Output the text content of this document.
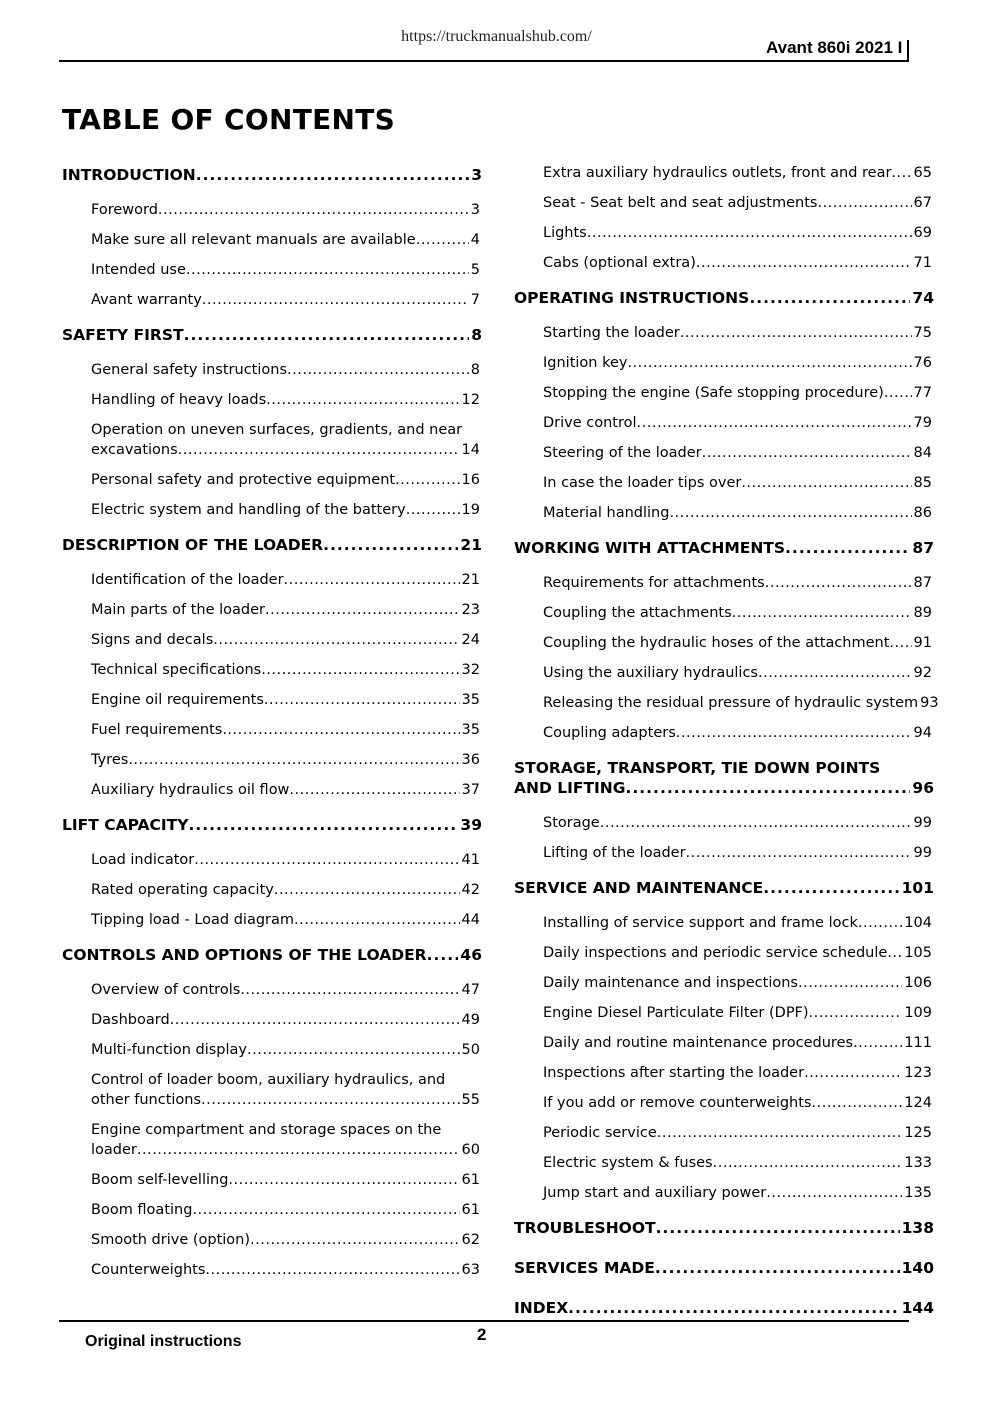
https://truckmanualshub.com/
Avant 860i 2021 I
TABLE OF CONTENTS
INTRODUCTION .....	3
Foreword .....	3
Make sure all relevant manuals are available .....	4
Intended use .....	5
Avant warranty .....	7
SAFETY FIRST .....	8
General safety instructions .....	8
Handling of heavy loads .....	12
Operation on uneven surfaces, gradients, and near
excavations .....	14
Personal safety and protective equipment .....	16
Electric system and handling of the battery .....	19
DESCRIPTION OF THE LOADER .....	21
Identification of the loader .....	21
Main parts of the loader .....	23
Signs and decals .....	24
Technical specifications .....	32
Engine oil requirements .....	35
Fuel requirements .....	35
Tyres .....	36
Auxiliary hydraulics oil flow .....	37
LIFT CAPACITY .....	39
Load indicator .....	41
Rated operating capacity .....	42
Tipping load - Load diagram .....	44
CONTROLS AND OPTIONS OF THE LOADER ..... 46
Overview of controls .....	47
Dashboard .....	49
Multi-function display .....	50
Control of loader boom, auxiliary hydraulics, and
other functions .....	55
Engine compartment and storage spaces on the
loader .....	60
Boom self-levelling .....	61
Boom floating .....	61
Smooth drive (option) .....	62
Counterweights .....	63
Extra auxiliary hydraulics outlets, front and rear ..... 65
Seat - Seat belt and seat adjustments .....	67
Lights .....	69
Cabs (optional extra) .....	71
OPERATING INSTRUCTIONS .....	74
Starting the loader .....	75
Ignition key .....	76
Stopping the engine (Safe stopping procedure) ..... 77
Drive control .....	79
Steering of the loader .....	84
In case the loader tips over .....	85
Material handling .....	86
WORKING WITH ATTACHMENTS .....	87
Requirements for attachments .....	87
Coupling the attachments .....	89
Coupling the hydraulic hoses of the attachment ..... 91
Using the auxiliary hydraulics .....	92
Releasing the residual pressure of hydraulic system 93
Coupling adapters .....	94
STORAGE, TRANSPORT, TIE DOWN POINTS
AND LIFTING .....	96
Storage .....	99
Lifting of the loader .....	99
SERVICE AND MAINTENANCE .....	101
Installing of service support and frame lock .....	104
Daily inspections and periodic service schedule ..... 105
Daily maintenance and inspections .....	106
Engine Diesel Particulate Filter (DPF) .....	109
Daily and routine maintenance procedures .....	111
Inspections after starting the loader .....	123
If you add or remove counterweights .....	124
Periodic service .....	125
Electric system & fuses .....	133
Jump start and auxiliary power .....	135
TROUBLESHOOT .....	138
SERVICES MADE .....	140
INDEX .....	144
Original instructions	2
